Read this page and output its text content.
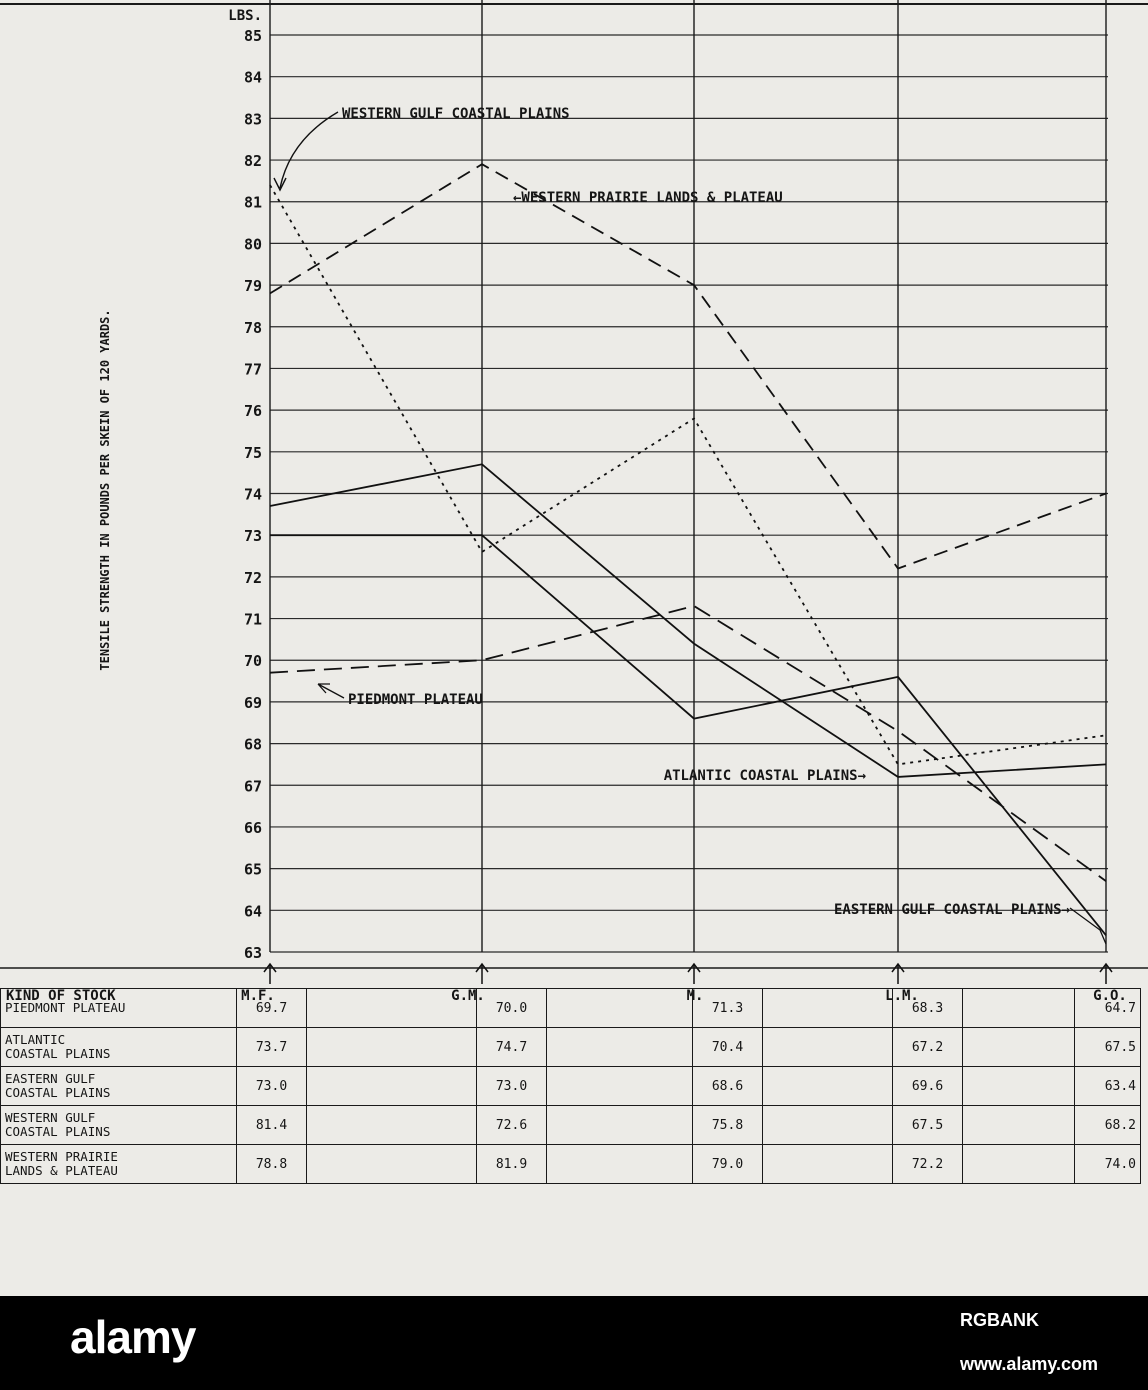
63
64
65
66
67
68
69
70
71
72
73
74
75
76
77
78
79
80
81
82
83
84
85
WESTERN GULF COASTAL PLAINS
←WESTERN PRAIRIE LANDS & PLATEAU
PIEDMONT PLATEAU
ATLANTIC COASTAL PLAINS→
EASTERN GULF COASTAL PLAINS→
KIND OF STOCK	M.F.	G.M.	M.	L.M.	G.O.
LBS.
TENSILE STRENGTH IN POUNDS PER SKEIN OF 120 YARDS.
PIEDMONT PLATEAU	69.7		70.0		71.3		68.3		64.7
ATLANTIC
COASTAL PLAINS	73.7		74.7		70.4		67.2		67.5
EASTERN GULF
COASTAL PLAINS	73.0		73.0		68.6		69.6		63.4
WESTERN GULF
COASTAL PLAINS	81.4		72.6		75.8		67.5		68.2
WESTERN PRAIRIE
LANDS & PLATEAU	78.8		81.9		79.0		72.2		74.0
alamy	RGBANK
www.alamy.com
